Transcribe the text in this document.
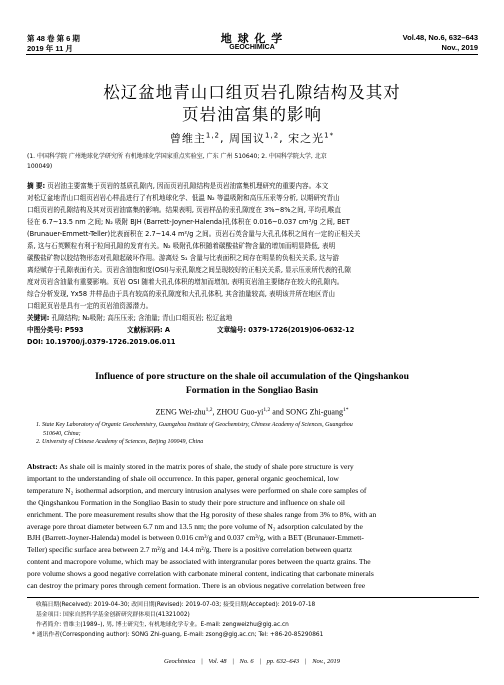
第 48 卷 第 6 期
2019 年 11 月
地 球 化 学
GEOCHIMICA
Vol.48, No.6, 632–643
Nov., 2019
松辽盆地青山口组页岩孔隙结构及其对
页岩油富集的影响
曾维主$^{1,2}$, 周国议$^{1,2}$, 宋之光$^{1*}$
(1. 中国科学院 广州地球化学研究所 有机地球化学国家重点实验室, 广东 广州 510640; 2. 中国科学院大学, 北京
100049)
摘 要: 页岩油主要富集于页岩的基质孔隙内, 因而页岩孔隙结构是页岩油富集机理研究的重要内容。本文
对松辽盆地青山口组页岩岩心样品进行了有机地球化学、低温 N₂ 等温吸附和高压压汞等分析, 以期研究青山
口组页岩的孔隙结构及其对页岩油富集的影响。结果表明, 页岩样品的汞孔隙度在 3%~8%之间, 平均孔喉直
径在 6.7~13.5 nm 之间; N₂ 吸附 BJH (Barrett-Joyner-Halenda)孔体积在 0.016~0.037 cm³/g 之间, BET
(Brunauer-Emmett-Teller)比表面积在 2.7~14.4 m²/g 之间。页岩石英含量与大孔孔体积之间有一定的正相关关
系, 这与石英颗粒有利于粒间孔隙的发育有关。N₂ 吸附孔体积随着碳酸盐矿物含量的增加而明显降低, 表明
碳酸盐矿物以胶结物形态对孔隙起破坏作用。游离烃 S₁ 含量与比表面积之间存在明显的负相关关系, 这与游
离烃赋存于孔隙表面有关。页岩含油饱和度(OSI)与汞孔隙度之间呈现较好的正相关关系, 显示压汞所代表的孔隙
度对页岩含油量有重要影响。页岩 OSI 随着大孔孔体积的增加而增加, 表明页岩油主要储存在较大的孔隙内。
综合分析发现, Yx58 井样品由于具有较高的汞孔隙度和大孔孔体积, 其含油量较高, 表明该井所在地区青山
口组泥页岩是具有一定的页岩油资源潜力。
关键词: 孔隙结构; N₂吸附; 高压压汞; 含油量; 青山口组页岩; 松辽盆地
中图分类号: P593	文献标识码: A	文章编号: 0379-1726(2019)06-0632-12
DOI: 10.19700/j.0379-1726.2019.06.011
Influence of pore structure on the shale oil accumulation of the Qingshankou
Formation in the Songliao Basin
ZENG Wei-zhu$^{1,2}$, ZHOU Guo-yi$^{1,2}$ and SONG Zhi-guang$^{1*}$
1. State Key Laboratory of Organic Geochemistry, Guangzhou Institute of Geochemistry, Chinese Academy of Sciences, Guangzhou
510640, China;
2. University of Chinese Academy of Sciences, Beijing 100049, China
Abstract: As shale oil is mainly stored in the matrix pores of shale, the study of shale pore structure is very
important to the understanding of shale oil occurrence. In this paper, general organic geochemical, low
temperature N₂ isothermal adsorption, and mercury intrusion analyses were performed on shale core samples of
the Qingshankou Formation in the Songliao Basin to study their pore structure and influence on shale oil
enrichment. The pore measurement results show that the Hg porosity of these shales range from 3% to 8%, with an
average pore throat diameter between 6.7 nm and 13.5 nm; the pore volume of N₂ adsorption calculated by the
BJH (Barrett-Joyner-Halenda) model is between 0.016 cm³/g and 0.037 cm³/g, with a BET (Brunauer-Emmett-
Teller) specific surface area between 2.7 m²/g and 14.4 m²/g. There is a positive correlation between quartz
content and macropore volume, which may be associated with intergranular pores between the quartz grains. The
pore volume shows a good negative correlation with carbonate mineral content, indicating that carbonate minerals
can destroy the primary pores through cement formation. There is an obvious negative correlation between free
收稿日期(Received): 2019-04-30; 改回日期(Revised): 2019-07-03; 接受日期(Accepted): 2019-07-18
基金项目: 国家自然科学基金创新研究群体项目(41321002)
作者简介: 曾维主(1989–), 男, 博士研究生, 有机地球化学专业。E-mail: zengweizhu@gig.ac.cn
* 通讯作者(Corresponding author): SONG Zhi-guang, E-mail: zsong@gig.ac.cn; Tel: +86-20-85290861
Geochimica | Vol. 48 | No. 6 | pp. 632–643 | Nov., 2019
